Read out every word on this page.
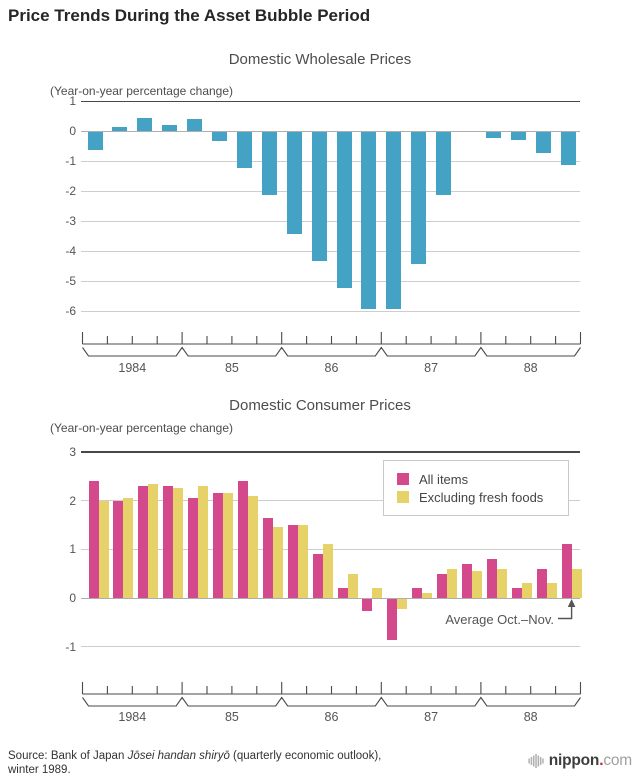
Price Trends During the Asset Bubble Period
Domestic Wholesale Prices
(Year-on-year percentage change)
Domestic Consumer Prices
(Year-on-year percentage change)
1
0
-1
-2
-3
-4
-5
-6
1984	85	86	87	88
3
2
1
0
-1
1984	85	86	87	88
All items
Excluding fresh foods
Average Oct.–Nov.
Source: Bank of Japan Jōsei handan shiryō (quarterly economic outlook),
winter 1989.
nippon . com
